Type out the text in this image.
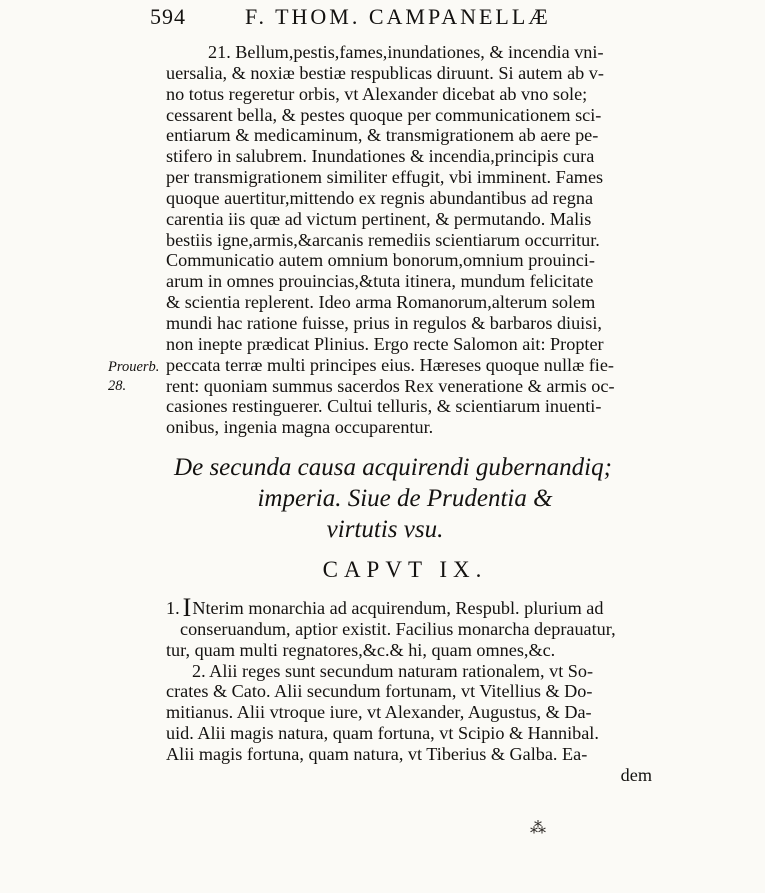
594	F. THOM. CAMPANELLÆ
21. Bellum,pestis,fames,inundationes, & incendia vni-
uersalia, & noxiæ bestiæ respublicas diruunt. Si autem ab v-
no totus regeretur orbis, vt Alexander dicebat ab vno sole;
cessarent bella, & pestes quoque per communicationem sci-
entiarum & medicaminum, & transmigrationem ab aere pe-
stifero in salubrem. Inundationes & incendia,principis cura
per transmigrationem similiter effugit, vbi imminent. Fames
quoque auertitur,mittendo ex regnis abundantibus ad regna
carentia iis quæ ad victum pertinent, & permutando. Malis
bestiis igne,armis,&arcanis remediis scientiarum occurritur.
Communicatio autem omnium bonorum,omnium prouinci-
arum in omnes prouincias,&tuta itinera, mundum felicitate
& scientia replerent. Ideo arma Romanorum,alterum solem
mundi hac ratione fuisse, prius in regulos & barbaros diuisi,
non inepte prædicat Plinius. Ergo recte Salomon ait: Propter
peccata terræ multi principes eius. Hæreses quoque nullæ fie-
rent: quoniam summus sacerdos Rex veneratione & armis oc-
casiones restinguerer. Cultui telluris, & scientiarum inuenti-
onibus, ingenia magna occuparentur.
Prouerb.
28.
De secunda causa acquirendi gubernandiq;
imperia. Siue de Prudentia &
virtutis vsu.
CAPVT IX.
1. I Nterim monarchia ad acquirendum, Respubl. plurium ad
conseruandum, aptior existit. Facilius monarcha deprauatur,
tur, quam multi regnatores,&c.& hi, quam omnes,&c.
2. Alii reges sunt secundum naturam rationalem, vt So-
crates & Cato. Alii secundum fortunam, vt Vitellius & Do-
mitianus. Alii vtroque iure, vt Alexander, Augustus, & Da-
uid. Alii magis natura, quam fortuna, vt Scipio & Hannibal.
Alii magis fortuna, quam natura, vt Tiberius & Galba. Ea-
dem
⁂
